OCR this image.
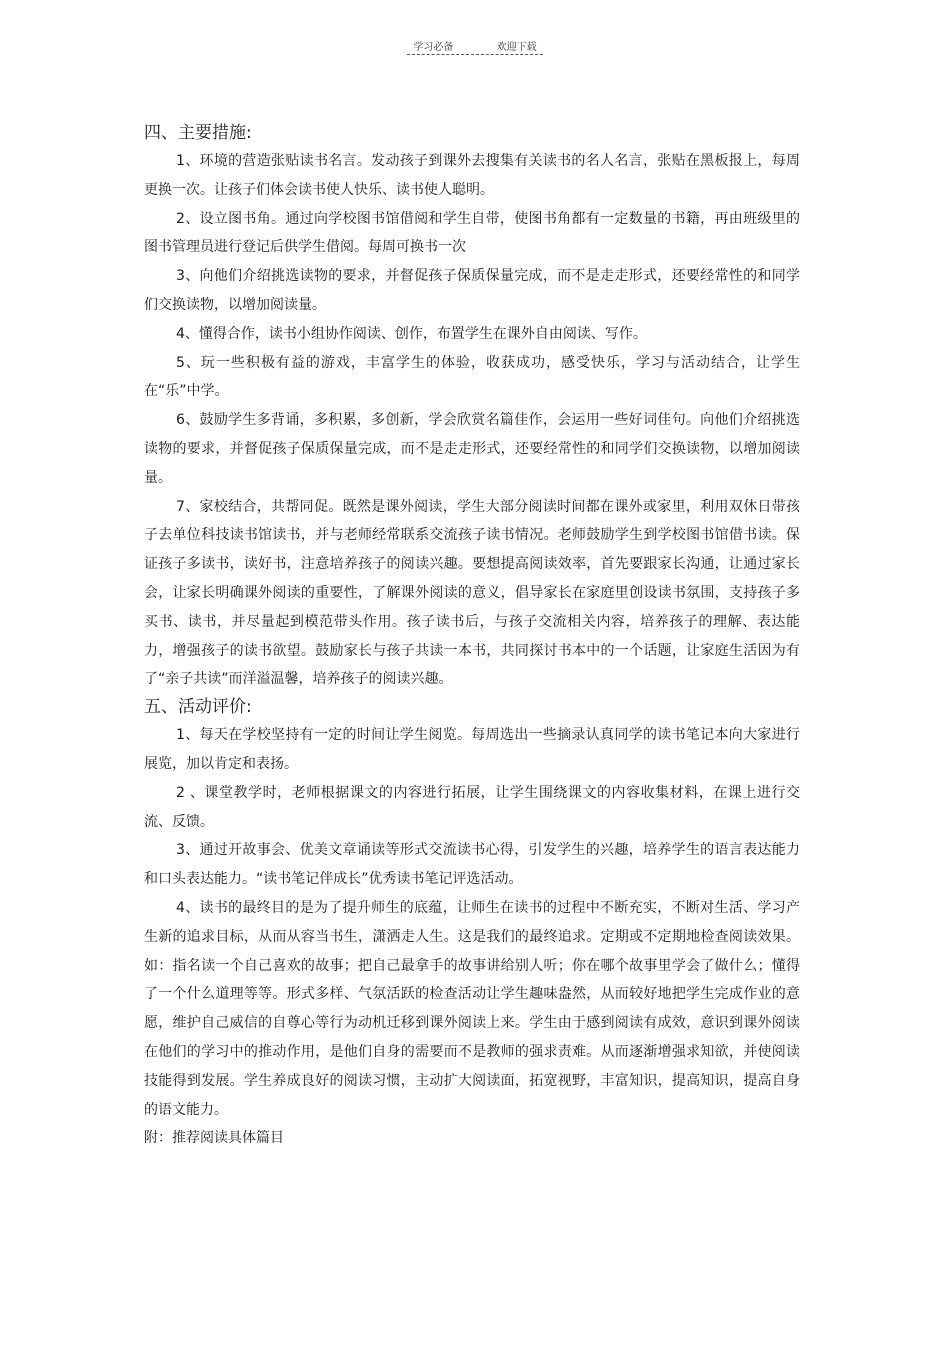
学习必备	欢迎下载
四、主要措施:

1、环境的营造张贴读书名言。发动孩子到课外去搜集有关读书的名人名言，张贴在黑板报上，每周更换一次。让孩子们体会读书使人快乐、读书使人聪明。

2、设立图书角。通过向学校图书馆借阅和学生自带，使图书角都有一定数量的书籍，再由班级里的图书管理员进行登记后供学生借阅。每周可换书一次

3、向他们介绍挑选读物的要求，并督促孩子保质保量完成，而不是走走形式，还要经常性的和同学们交换读物，以增加阅读量。

4、懂得合作，读书小组协作阅读、创作，布置学生在课外自由阅读、写作。

5、玩一些积极有益的游戏，丰富学生的体验，收获成功，感受快乐，学习与活动结合，让学生在“乐”中学。

6、鼓励学生多背诵，多积累，多创新，学会欣赏名篇佳作，会运用一些好词佳句。向他们介绍挑选读物的要求，并督促孩子保质保量完成，而不是走走形式，还要经常性的和同学们交换读物，以增加阅读量。

7、家校结合，共帮同促。既然是课外阅读，学生大部分阅读时间都在课外或家里，利用双休日带孩子去单位科技读书馆读书，并与老师经常联系交流孩子读书情况。老师鼓励学生到学校图书馆借书读。保证孩子多读书，读好书，注意培养孩子的阅读兴趣。要想提高阅读效率，首先要跟家长沟通，让通过家长会，让家长明确课外阅读的重要性，了解课外阅读的意义，倡导家长在家庭里创设读书氛围，支持孩子多买书、读书，并尽量起到模范带头作用。孩子读书后，与孩子交流相关内容，培养孩子的理解、表达能力，增强孩子的读书欲望。鼓励家长与孩子共读一本书，共同探讨书本中的一个话题，让家庭生活因为有了“亲子共读”而洋溢温馨，培养孩子的阅读兴趣。

五、活动评价:

1、每天在学校坚持有一定的时间让学生阅览。每周选出一些摘录认真同学的读书笔记本向大家进行展览，加以肯定和表扬。

2 、课堂教学时，老师根据课文的内容进行拓展，让学生围绕课文的内容收集材料，在课上进行交流、反馈。

3、通过开故事会、优美文章诵读等形式交流读书心得，引发学生的兴趣，培养学生的语言表达能力和口头表达能力。“读书笔记伴成长”优秀读书笔记评选活动。

4、读书的最终目的是为了提升师生的底蕴，让师生在读书的过程中不断充实，不断对生活、学习产生新的追求目标，从而从容当书生，潇洒走人生。这是我们的最终追求。定期或不定期地检查阅读效果。如：指名读一个自己喜欢的故事；把自己最拿手的故事讲给别人听；你在哪个故事里学会了做什么；懂得了一个什么道理等等。形式多样、气氛活跃的检查活动让学生趣味盎然，从而较好地把学生完成作业的意愿，维护自己威信的自尊心等行为动机迁移到课外阅读上来。学生由于感到阅读有成效，意识到课外阅读在他们的学习中的推动作用，是他们自身的需要而不是教师的强求责难。从而逐渐增强求知欲，并使阅读技能得到发展。学生养成良好的阅读习惯，主动扩大阅读面，拓宽视野，丰富知识，提高知识，提高自身的语文能力。

附：推荐阅读具体篇目
